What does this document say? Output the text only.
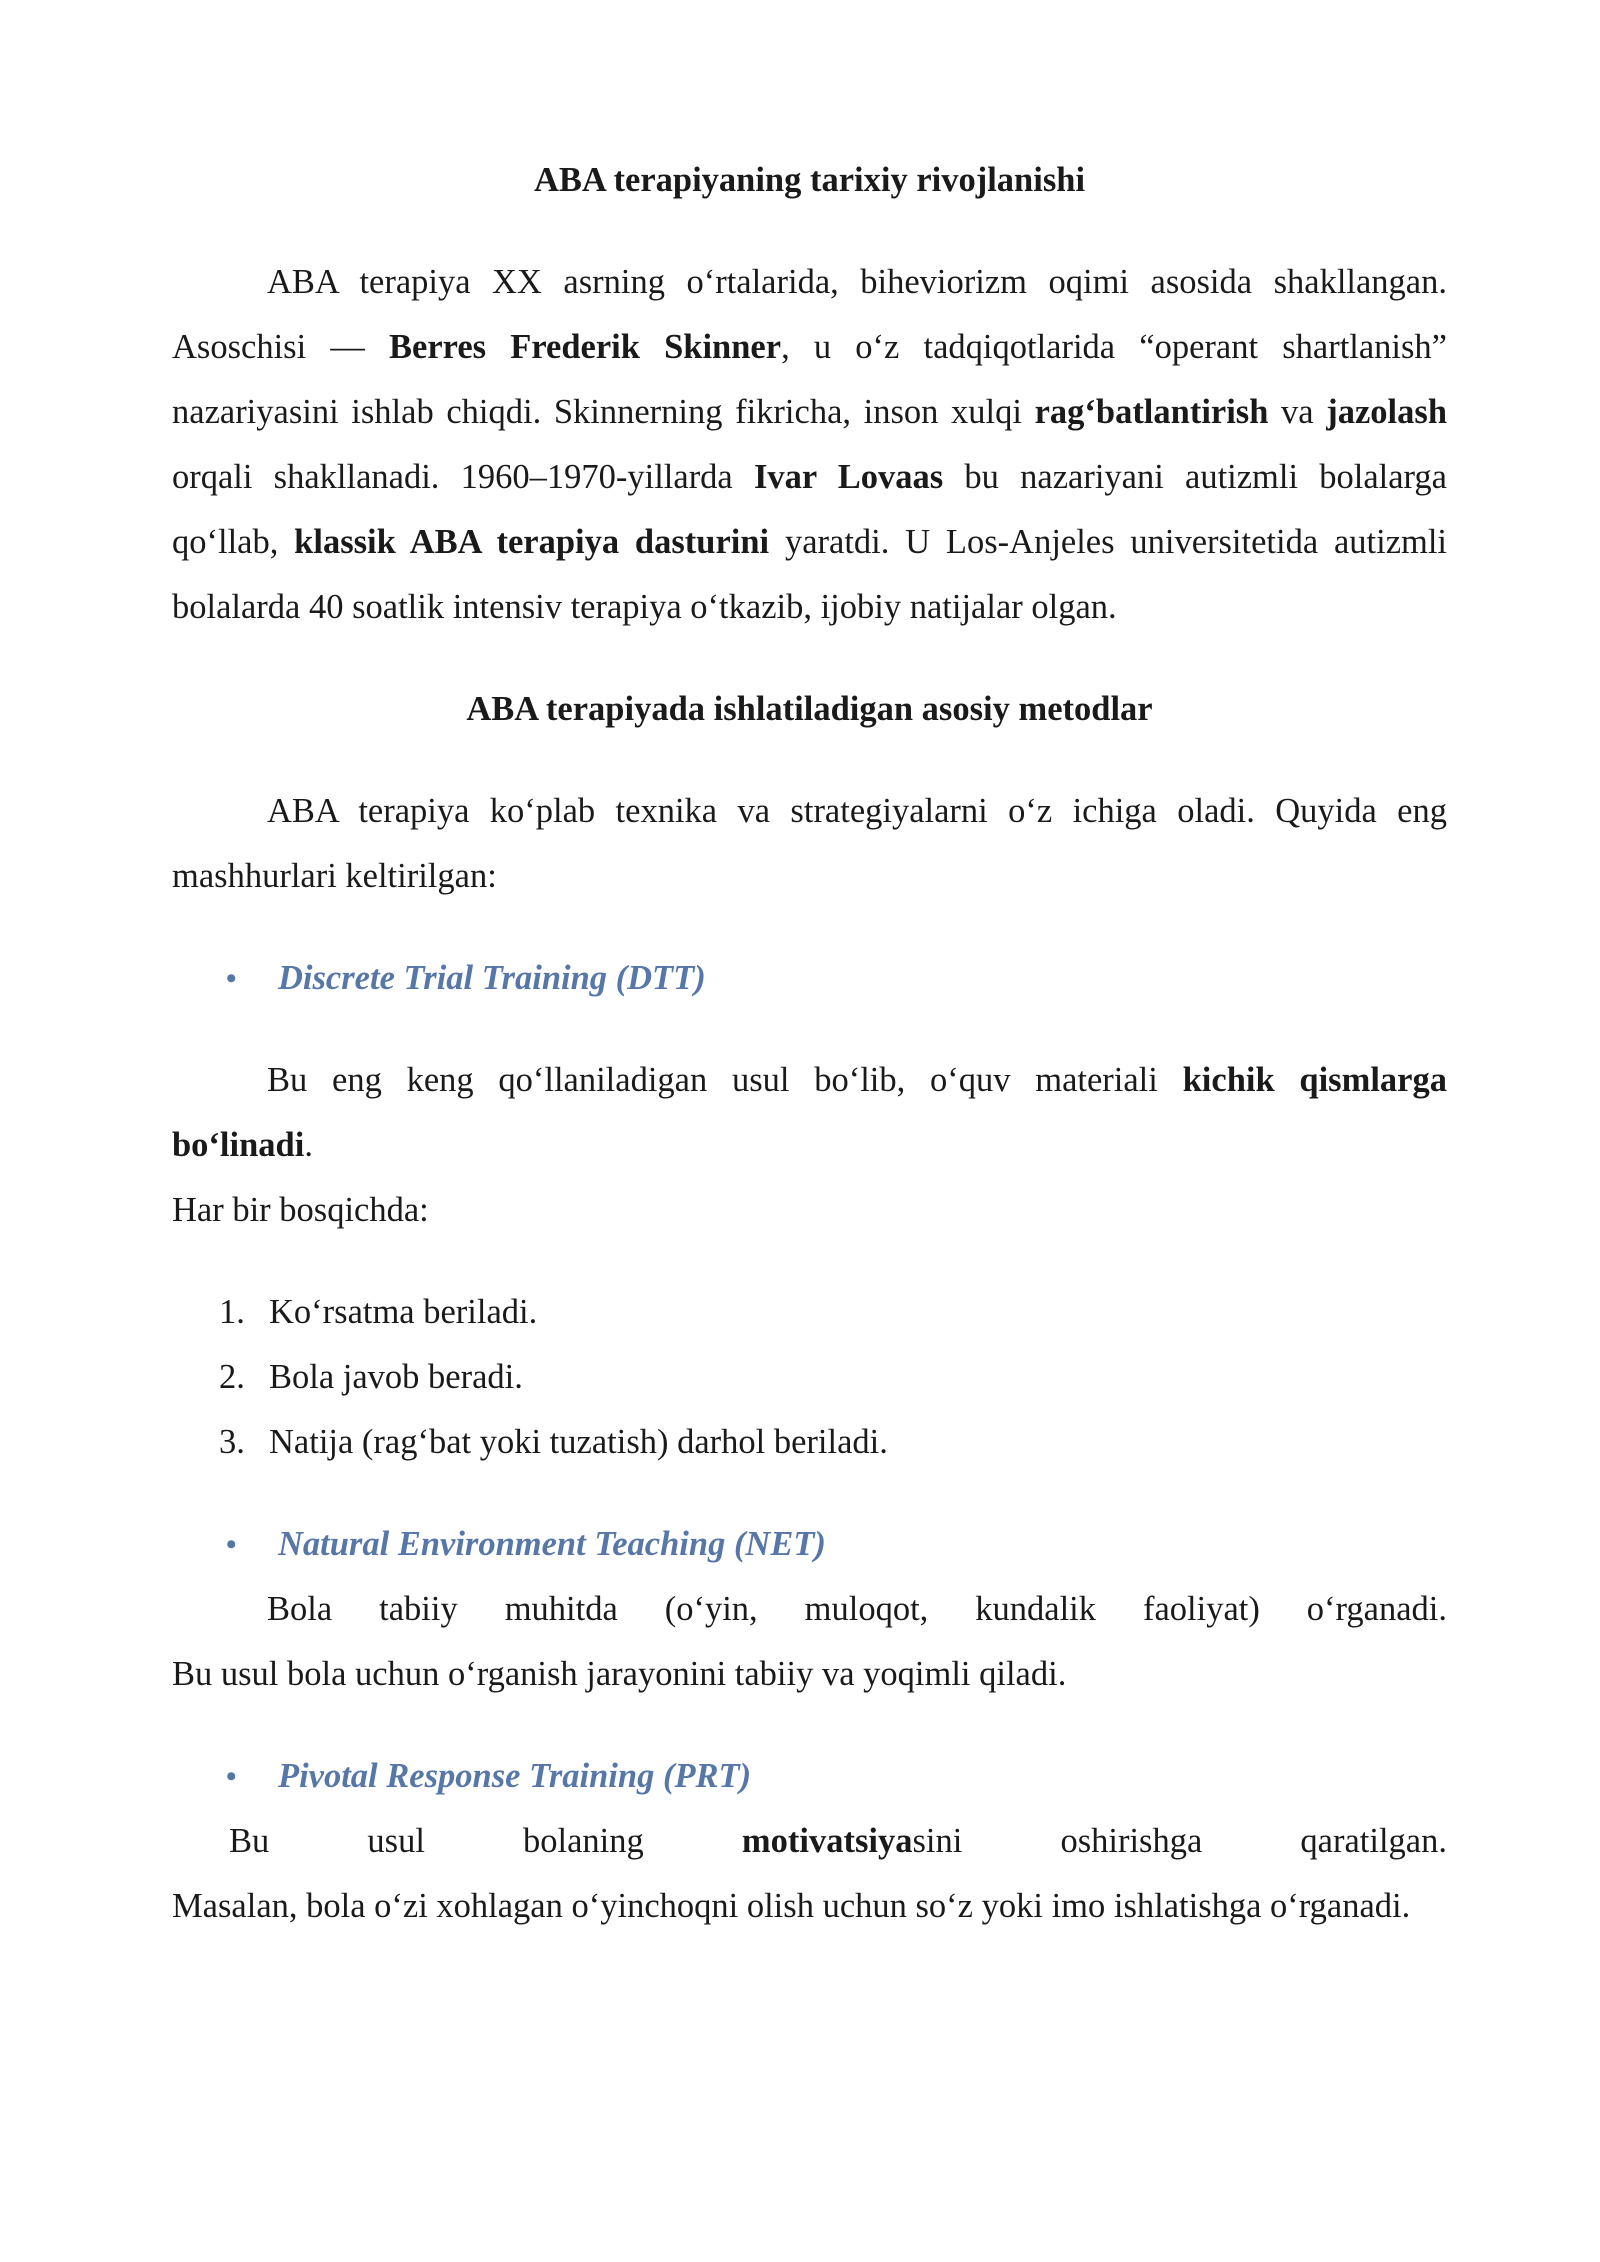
ABA terapiyaning tarixiy rivojlanishi

ABA terapiya XX asrning o‘rtalarida, biheviorizm oqimi asosida shakllangan. Asoschisi — Berres Frederik Skinner, u o‘z tadqiqotlarida “operant shartlanish” nazariyasini ishlab chiqdi. Skinnerning fikricha, inson xulqi rag‘batlantirish va jazolash orqali shakllanadi. 1960–1970-yillarda Ivar Lovaas bu nazariyani autizmli bolalarga qo‘llab, klassik ABA terapiya dasturini yaratdi. U Los-Anjeles universitetida autizmli bolalarda 40 soatlik intensiv terapiya o‘tkazib, ijobiy natijalar olgan.

ABA terapiyada ishlatiladigan asosiy metodlar

ABA terapiya ko‘plab texnika va strategiyalarni o‘z ichiga oladi. Quyida eng mashhurlari keltirilgan:

• Discrete Trial Training (DTT)

Bu eng keng qo‘llaniladigan usul bo‘lib, o‘quv materiali kichik qismlarga bo‘linadi.

Har bir bosqichda:

1. Ko‘rsatma beriladi.
2. Bola javob beradi.
3. Natija (rag‘bat yoki tuzatish) darhol beriladi.
• Natural Environment Teaching (NET)
Bola tabiiy muhitda (o‘yin, muloqot, kundalik faoliyat) o‘rganadi.

Bu usul bola uchun o‘rganish jarayonini tabiiy va yoqimli qiladi.

• Pivotal Response Training (PRT)
Bu	usul	bolaning	motivatsiyasini	oshirishga	qaratilgan.

Masalan, bola o‘zi xohlagan o‘yinchoqni olish uchun so‘z yoki imo ishlatishga o‘rganadi.
